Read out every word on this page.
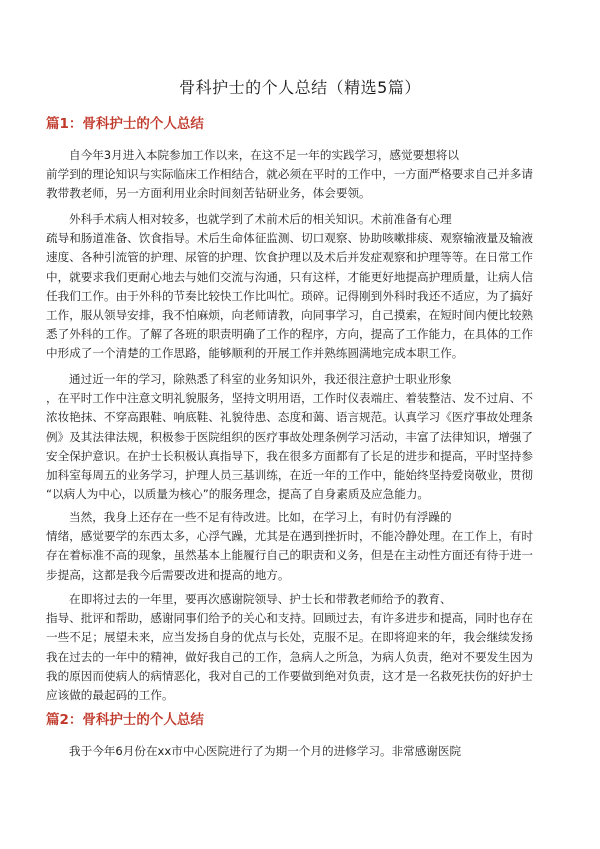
骨科护士的个人总结（精选5篇）
篇1：骨科护士的个人总结
自今年3月进入本院参加工作以来，在这不足一年的实践学习，感觉要想将以
前学到的理论知识与实际临床工作相结合，就必须在平时的工作中，一方面严格要求自己并多请
教带教老师，另一方面利用业余时间刻苦钻研业务，体会要领。
外科手术病人相对较多，也就学到了术前术后的相关知识。术前准备有心理
疏导和肠道准备、饮食指导。术后生命体征监测、切口观察、协助咳嗽排痰、观察输液量及输液
速度、各种引流管的护理、尿管的护理、饮食护理以及术后并发症观察和护理等等。在日常工作
中，就要求我们更耐心地去与她们交流与沟通，只有这样，才能更好地提高护理质量，让病人信
任我们工作。由于外科的节奏比较快工作比叫忙。琐碎。记得刚到外科时我还不适应，为了搞好
工作，服从领导安排，我不怕麻烦，向老师请教，向同事学习，自己摸索，在短时间内便比较熟
悉了外科的工作。了解了各班的职责明确了工作的程序，方向，提高了工作能力，在具体的工作
中形成了一个清楚的工作思路，能够顺利的开展工作并熟练圆满地完成本职工作。
通过近一年的学习，除熟悉了科室的业务知识外，我还很注意护士职业形象
，在平时工作中注意文明礼貌服务，坚持文明用语，工作时仪表端庄、着装整洁、发不过肩、不
浓妆艳抹、不穿高跟鞋、响底鞋、礼貌待患、态度和蔼、语言规范。认真学习《医疗事故处理条
例》及其法律法规，积极参于医院组织的医疗事故处理条例学习活动，丰富了法律知识，增强了
安全保护意识。在护士长积极认真指导下，我在很多方面都有了长足的进步和提高，平时坚持参
加科室每周五的业务学习，护理人员三基训练，在近一年的工作中，能始终坚持爱岗敬业，贯彻
“以病人为中心，以质量为核心”的服务理念，提高了自身素质及应急能力。
当然，我身上还存在一些不足有待改进。比如，在学习上，有时仍有浮躁的
情绪，感觉要学的东西太多，心浮气躁，尤其是在遇到挫折时，不能冷静处理。在工作上，有时
存在着标准不高的现象，虽然基本上能履行自己的职责和义务，但是在主动性方面还有待于进一
步提高，这都是我今后需要改进和提高的地方。
在即将过去的一年里，要再次感谢院领导、护士长和带教老师给予的教育、
指导、批评和帮助，感谢同事们给予的关心和支持。回顾过去，有许多进步和提高，同时也存在
一些不足；展望未来，应当发扬自身的优点与长处，克服不足。在即将迎来的年，我会继续发扬
我在过去的一年中的精神，做好我自己的工作，急病人之所急，为病人负责，绝对不要发生因为
我的原因而使病人的病情恶化，我对自己的工作要做到绝对负责，这才是一名救死扶伤的好护士
应该做的最起码的工作。
篇2：骨科护士的个人总结
我于今年6月份在xx市中心医院进行了为期一个月的进修学习。非常感谢医院
